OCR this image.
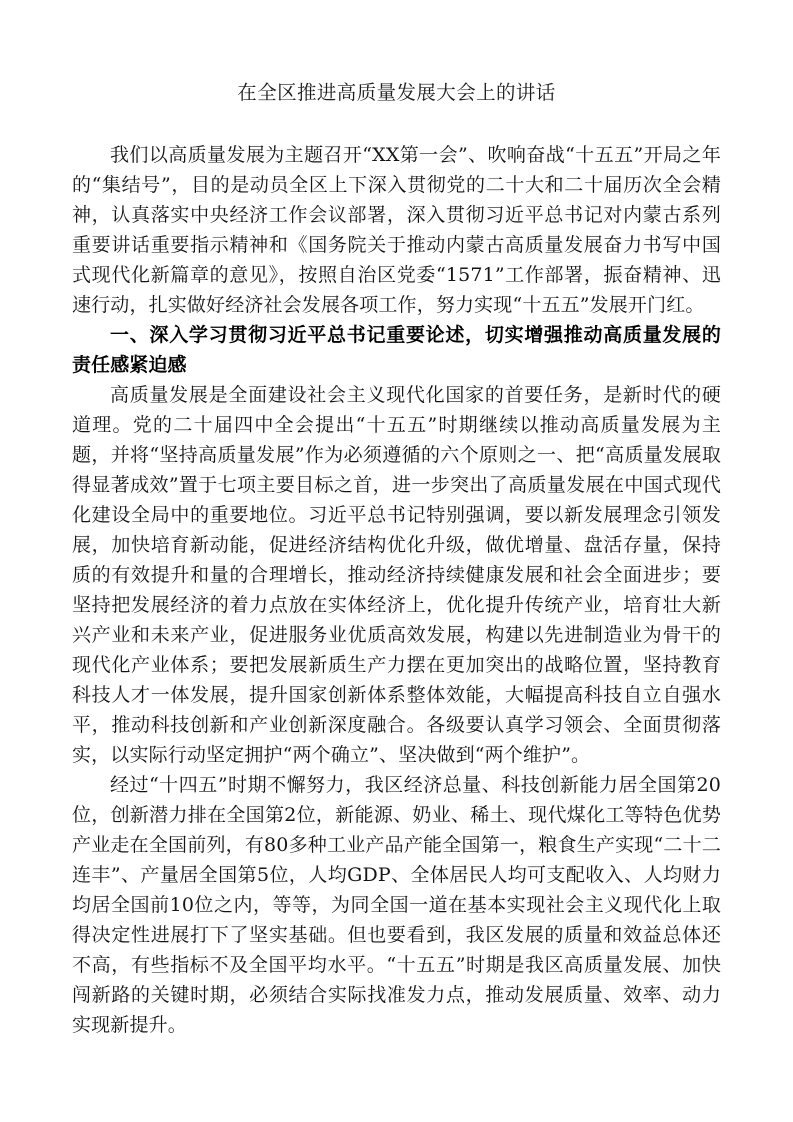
在全区推进高质量发展大会上的讲话

我们以高质量发展为主题召开“XX第一会”、吹响奋战“十五五”开局之年的“集结号”，目的是动员全区上下深入贯彻党的二十大和二十届历次全会精神，认真落实中央经济工作会议部署，深入贯彻习近平总书记对内蒙古系列重要讲话重要指示精神和《国务院关于推动内蒙古高质量发展奋力书写中国式现代化新篇章的意见》，按照自治区党委“1571”工作部署，振奋精神、迅速行动，扎实做好经济社会发展各项工作，努力实现“十五五”发展开门红。

一、深入学习贯彻习近平总书记重要论述，切实增强推动高质量发展的责任感紧迫感

高质量发展是全面建设社会主义现代化国家的首要任务，是新时代的硬道理。党的二十届四中全会提出“十五五”时期继续以推动高质量发展为主题，并将“坚持高质量发展”作为必须遵循的六个原则之一、把“高质量发展取得显著成效”置于七项主要目标之首，进一步突出了高质量发展在中国式现代化建设全局中的重要地位。习近平总书记特别强调，要以新发展理念引领发展，加快培育新动能，促进经济结构优化升级，做优增量、盘活存量，保持质的有效提升和量的合理增长，推动经济持续健康发展和社会全面进步；要坚持把发展经济的着力点放在实体经济上，优化提升传统产业，培育壮大新兴产业和未来产业，促进服务业优质高效发展，构建以先进制造业为骨干的现代化产业体系；要把发展新质生产力摆在更加突出的战略位置，坚持教育科技人才一体发展，提升国家创新体系整体效能，大幅提高科技自立自强水平，推动科技创新和产业创新深度融合。各级要认真学习领会、全面贯彻落实，以实际行动坚定拥护“两个确立”、坚决做到“两个维护”。

经过“十四五”时期不懈努力，我区经济总量、科技创新能力居全国第20位，创新潜力排在全国第2位，新能源、奶业、稀土、现代煤化工等特色优势产业走在全国前列，有80多种工业产品产能全国第一，粮食生产实现“二十二连丰”、产量居全国第5位，人均GDP、全体居民人均可支配收入、人均财力均居全国前10位之内，等等，为同全国一道在基本实现社会主义现代化上取得决定性进展打下了坚实基础。但也要看到，我区发展的质量和效益总体还不高，有些指标不及全国平均水平。“十五五”时期是我区高质量发展、加快闯新路的关键时期，必须结合实际找准发力点，推动发展质量、效率、动力实现新提升。
